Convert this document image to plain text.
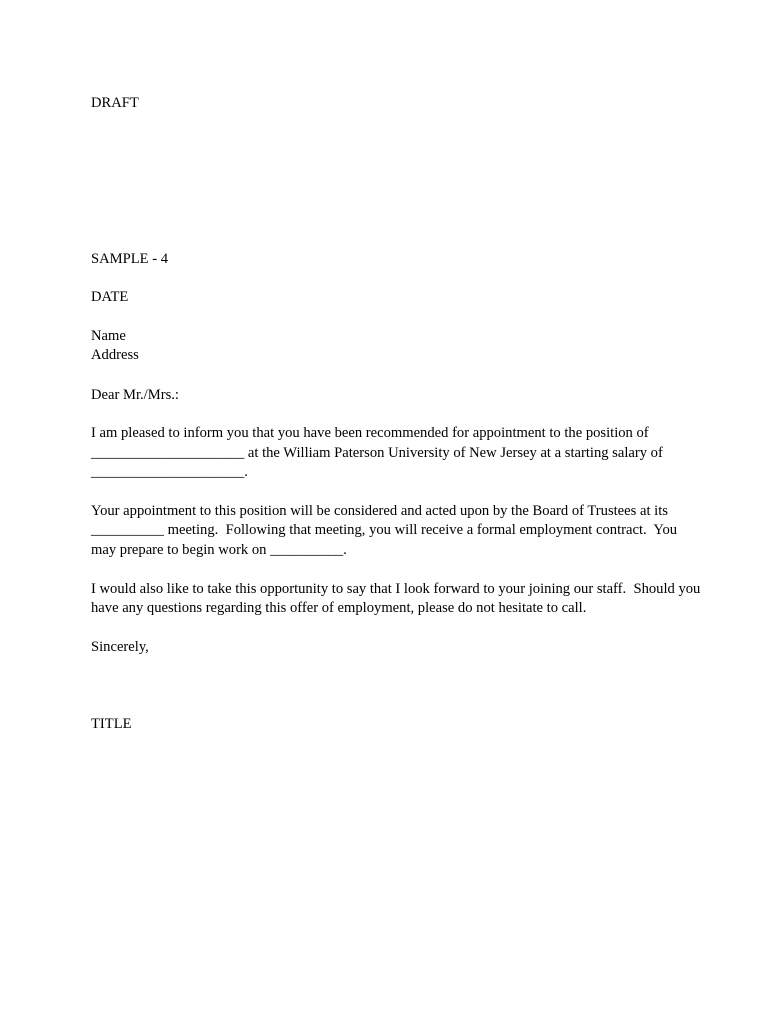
DRAFT
SAMPLE - 4
DATE
Name
Address
Dear Mr./Mrs.:
I am pleased to inform you that you have been recommended for appointment to the position of
_____________________ at the William Paterson University of New Jersey at a starting salary of
_____________________.
Your appointment to this position will be considered and acted upon by the Board of Trustees at its
__________ meeting.  Following that meeting, you will receive a formal employment contract.  You
may prepare to begin work on __________.
I would also like to take this opportunity to say that I look forward to your joining our staff.  Should you
have any questions regarding this offer of employment, please do not hesitate to call.
Sincerely,
TITLE
